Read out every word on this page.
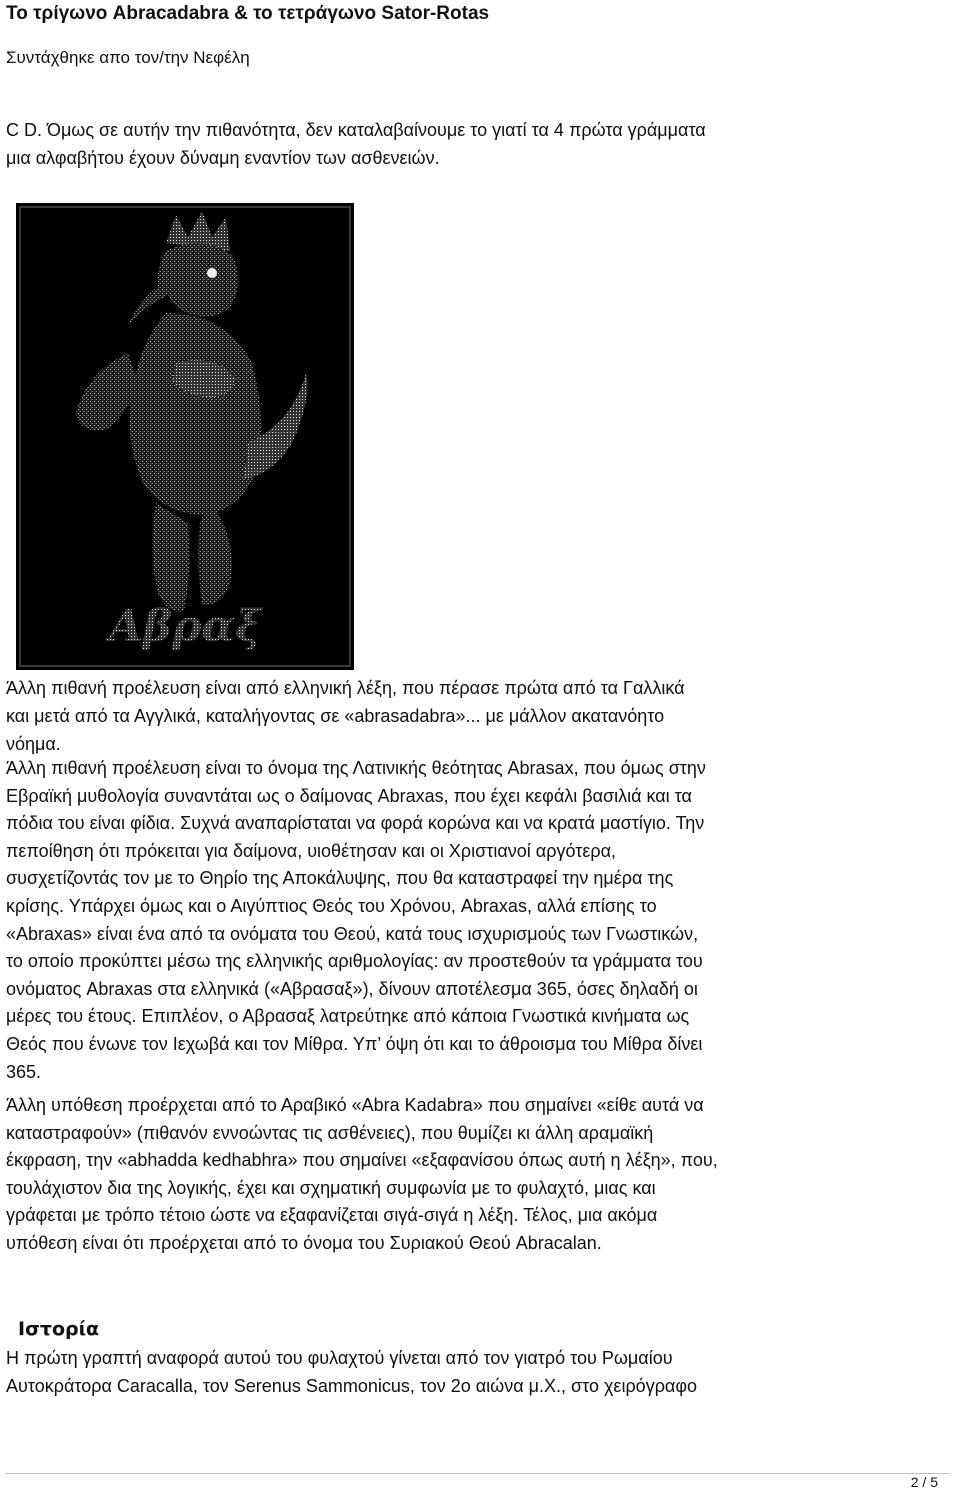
Το τρίγωνο Abracadabra & το τετράγωνο Sator-Rotas
Συντάχθηκε απο τον/την Νεφέλη
C D. Όμως σε αυτήν την πιθανότητα, δεν καταλαβαίνουμε το γιατί τα 4 πρώτα γράμματα
μια αλφαβήτου έχουν δύναμη εναντίον των ασθενειών.
Αβραξ
Άλλη πιθανή προέλευση είναι από ελληνική λέξη, που πέρασε πρώτα από τα Γαλλικά
και μετά από τα Αγγλικά, καταλήγοντας σε «abrasadabra»... με μάλλον ακατανόητο
νόημα.
Άλλη πιθανή προέλευση είναι το όνομα της Λατινικής θεότητας Abrasax, που όμως στην
Εβραϊκή μυθολογία συναντάται ως ο δαίμονας Abraxas, που έχει κεφάλι βασιλιά και τα
πόδια του είναι φίδια. Συχνά αναπαρίσταται να φορά κορώνα και να κρατά μαστίγιο. Την
πεποίθηση ότι πρόκειται για δαίμονα, υιοθέτησαν και οι Χριστιανοί αργότερα,
συσχετίζοντάς τον με το Θηρίο της Αποκάλυψης, που θα καταστραφεί την ημέρα της
κρίσης. Υπάρχει όμως και ο Αιγύπτιος Θεός του Χρόνου, Abraxas, αλλά επίσης το
«Abraxas» είναι ένα από τα ονόματα του Θεού, κατά τους ισχυρισμούς των Γνωστικών,
το οποίο προκύπτει μέσω της ελληνικής αριθμολογίας: αν προστεθούν τα γράμματα του
ονόματος Abraxas στα ελληνικά («Αβρασαξ»), δίνουν αποτέλεσμα 365, όσες δηλαδή οι
μέρες του έτους. Επιπλέον, ο Αβρασαξ λατρεύτηκε από κάποια Γνωστικά κινήματα ως
Θεός που ένωνε τον Ιεχωβά και τον Μίθρα. Υπ’ όψη ότι και το άθροισμα του Μίθρα δίνει
365.
Άλλη υπόθεση προέρχεται από το Αραβικό «Abra Kadabra» που σημαίνει «είθε αυτά να
καταστραφούν» (πιθανόν εννοώντας τις ασθένειες), που θυμίζει κι άλλη αραμαϊκή
έκφραση, την «abhadda kedhabhra» που σημαίνει «εξαφανίσου όπως αυτή η λέξη», που,
τουλάχιστον δια της λογικής, έχει και σχηματική συμφωνία με το φυλαχτό, μιας και
γράφεται με τρόπο τέτοιο ώστε να εξαφανίζεται σιγά-σιγά η λέξη. Τέλος, μια ακόμα
υπόθεση είναι ότι προέρχεται από το όνομα του Συριακού Θεού Abracalan.
Ιστορία
Η πρώτη γραπτή αναφορά αυτού του φυλαχτού γίνεται από τον γιατρό του Ρωμαίου
Αυτοκράτορα Caracalla, τον Serenus Sammonicus, τον 2ο αιώνα μ.Χ., στο χειρόγραφο
2 / 5
